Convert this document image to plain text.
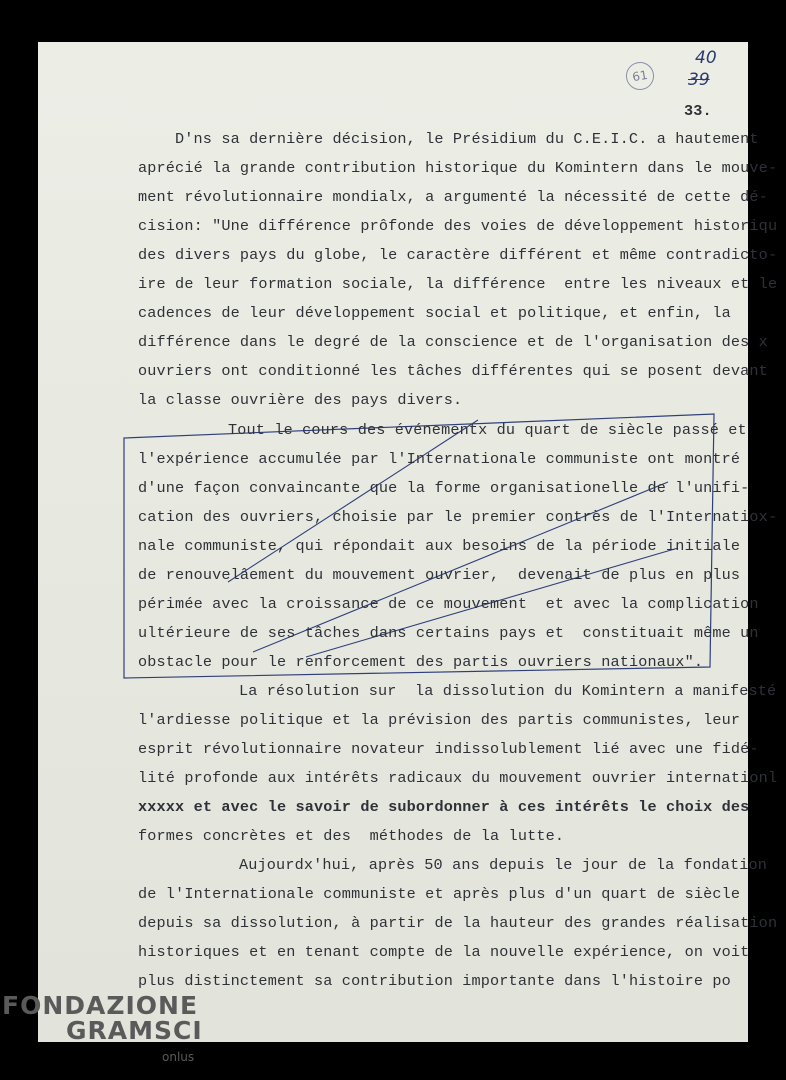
61
40
39
33.
D'ns sa dernière décision, le Présidium du C.E.I.C. a hautement
aprécié la grande contribution historique du Komintern dans le mouve-
ment révolutionnaire mondialx, a argumenté la nécessité de cette dé-
cision: "Une différence prôfonde des voies de développement historiqu
des divers pays du globe, le caractère différent et même contradicto-
ire de leur formation sociale, la différence  entre les niveaux et le
cadences de leur développement social et politique, et enfin, la
différence dans le degré de la conscience et de l'organisation des x
ouvriers ont conditionné les tâches différentes qui se posent devant
la classe ouvrière des pays divers.
Tout le cours des événementx du quart de siècle passé et
l'expérience accumulée par l'Internationale communiste ont montré
d'une façon convaincante que la forme organisationelle de l'unifi-
cation des ouvriers, choisie par le premier contrès de l'Internatiox-
nale communiste, qui répondait aux besoins de la période initiale
de renouvelâement du mouvement ouvrier,  devenait de plus en plus
périmée avec la croissance de ce mouvement  et avec la complication
ultérieure de ses tâches dans certains pays et  constituait même un
obstacle pour le renforcement des partis ouvriers nationaux".
La résolution sur  la dissolution du Komintern a manifesté
l'ardiesse politique et la prévision des partis communistes, leur
esprit révolutionnaire novateur indissolublement lié avec une fidé-
lité profonde aux intérêts radicaux du mouvement ouvrier internationl
xxxxx et avec le savoir de subordonner à ces intérêts le choix des
formes concrètes et des  méthodes de la lutte.
Aujourdx'hui, après 50 ans depuis le jour de la fondation
de l'Internationale communiste et après plus d'un quart de siècle
depuis sa dissolution, à partir de la hauteur des grandes réalisation
historiques et en tenant compte de la nouvelle expérience, on voit
plus distinctement sa contribution importante dans l'histoire po
FONDAZIONE
GRAMSCI
onlus
